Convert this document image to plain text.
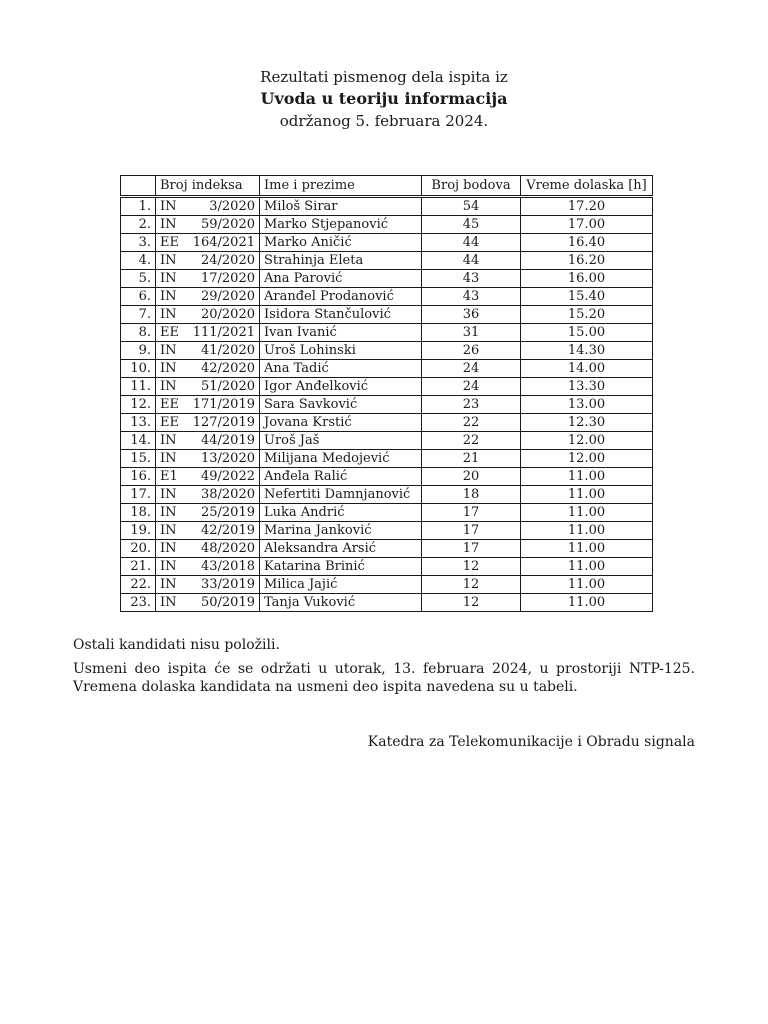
Rezultati pismenog dela ispita iz
Uvoda u teoriju informacija
održanog 5. februara 2024.
	Broj indeksa	Ime i prezime	Broj bodova	Vreme dolaska [h]
1.	IN 3/2020	Miloš Sirar	54	17.20
2.	IN 59/2020	Marko Stjepanović	45	17.00
3.	EE 164/2021	Marko Aničić	44	16.40
4.	IN 24/2020	Strahinja Eleta	44	16.20
5.	IN 17/2020	Ana Parović	43	16.00
6.	IN 29/2020	Aranđel Prodanović	43	15.40
7.	IN 20/2020	Isidora Stančulović	36	15.20
8.	EE 111/2021	Ivan Ivanić	31	15.00
9.	IN 41/2020	Uroš Lohinski	26	14.30
10.	IN 42/2020	Ana Tadić	24	14.00
11.	IN 51/2020	Igor Anđelković	24	13.30
12.	EE 171/2019	Sara Savković	23	13.00
13.	EE 127/2019	Jovana Krstić	22	12.30
14.	IN 44/2019	Uroš Jaš	22	12.00
15.	IN 13/2020	Milijana Medojević	21	12.00
16.	E1 49/2022	Anđela Ralić	20	11.00
17.	IN 38/2020	Nefertiti Damnjanović	18	11.00
18.	IN 25/2019	Luka Andrić	17	11.00
19.	IN 42/2019	Marina Janković	17	11.00
20.	IN 48/2020	Aleksandra Arsić	17	11.00
21.	IN 43/2018	Katarina Brinić	12	11.00
22.	IN 33/2019	Milica Jajić	12	11.00
23.	IN 50/2019	Tanja Vuković	12	11.00

Ostali kandidati nisu položili.

Usmeni deo ispita će se održati u utorak, 13. februara 2024, u prostoriji NTP-125. Vremena dolaska kandidata na usmeni deo ispita navedena su u tabeli.

Katedra za Telekomunikacije i Obradu signala
